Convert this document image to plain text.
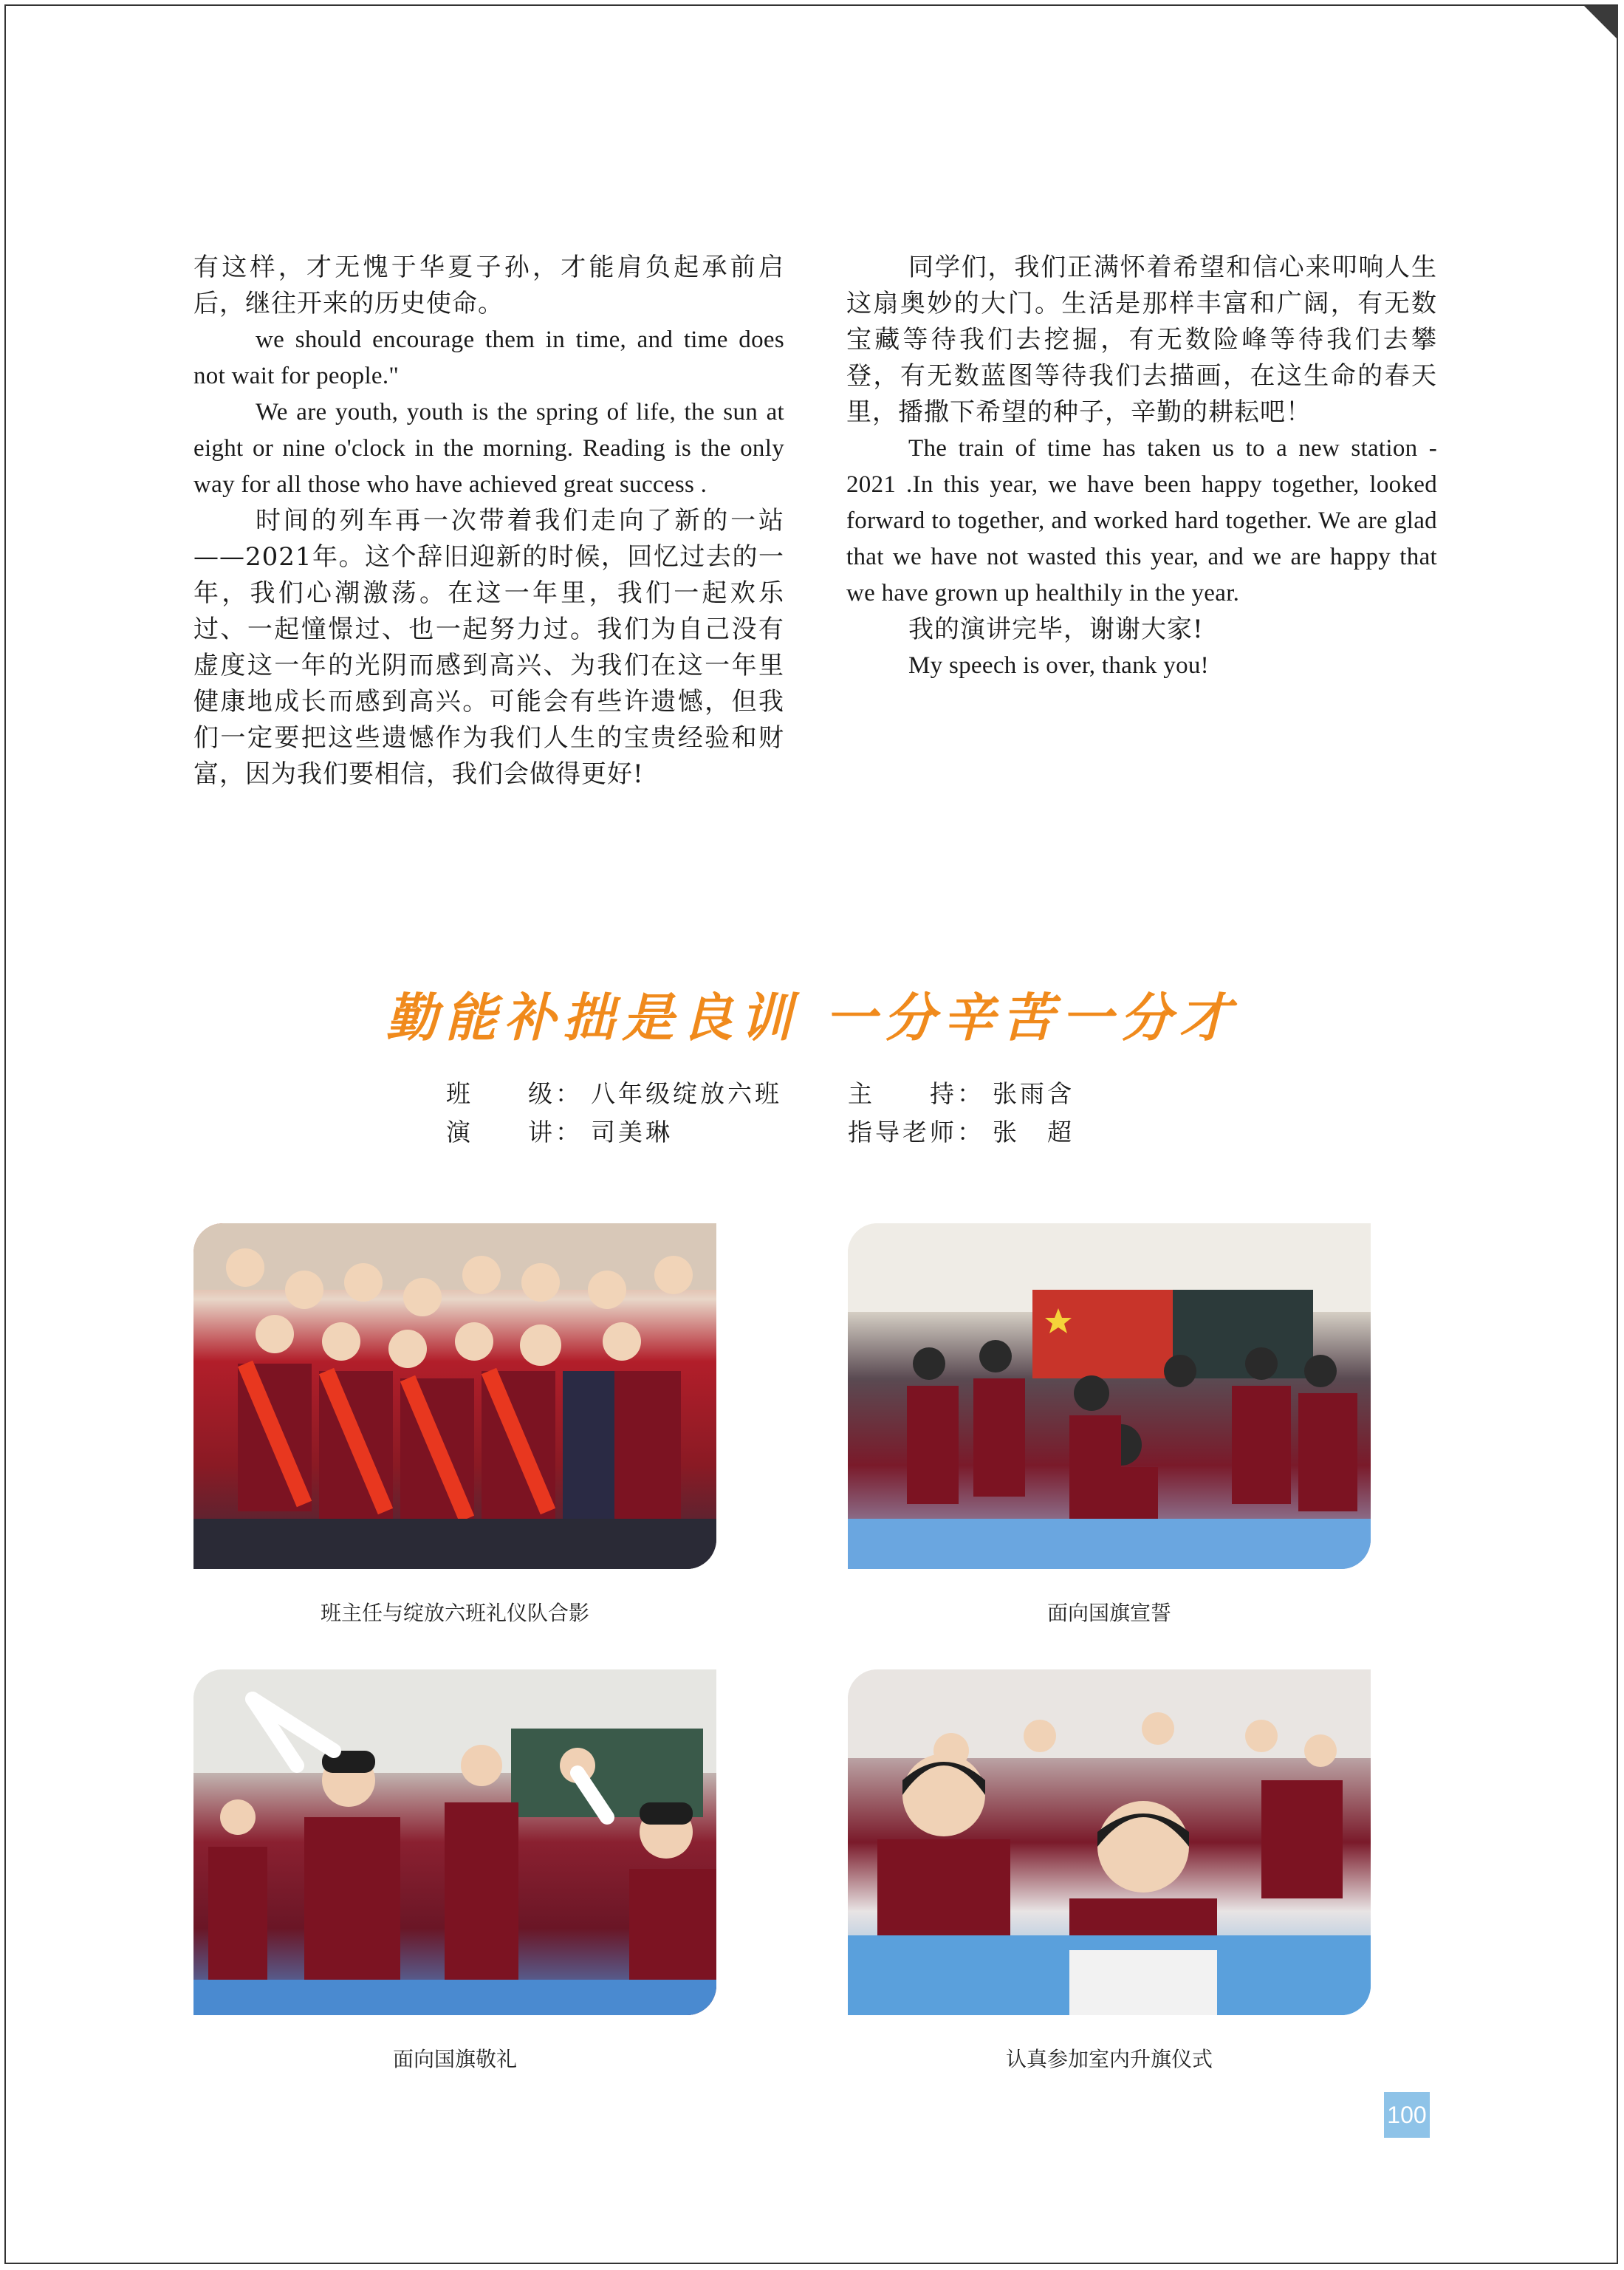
有这样，才无愧于华夏子孙，才能肩负起承前启后，继往开来的历史使命。

we should encourage them in time, and time does not wait for people."

We are youth, youth is the spring of life, the sun at eight or nine o'clock in the morning. Reading is the only way for all those who have achieved great success .

时间的列车再一次带着我们走向了新的一站——2021年。这个辞旧迎新的时候，回忆过去的一年，我们心潮激荡。在这一年里，我们一起欢乐过、一起憧憬过、也一起努力过。我们为自己没有虚度这一年的光阴而感到高兴、为我们在这一年里健康地成长而感到高兴。可能会有些许遗憾，但我们一定要把这些遗憾作为我们人生的宝贵经验和财富，因为我们要相信，我们会做得更好!

同学们，我们正满怀着希望和信心来叩响人生这扇奥妙的大门。生活是那样丰富和广阔，有无数宝藏等待我们去挖掘，有无数险峰等待我们去攀登，有无数蓝图等待我们去描画，在这生命的春天里，播撒下希望的种子，辛勤的耕耘吧！

The train of time has taken us to a new station - 2021 .In this year, we have been happy together, looked forward to together, and worked hard together. We are glad that we have not wasted this year, and we are happy that we have grown up healthily in the year.

我的演讲完毕，谢谢大家!

My speech is over, thank you!

勤能补拙是良训 一分辛苦一分才
班　　级： 八年级绽放六班
演　　讲： 司美琳
主　　持： 张雨含
指导老师： 张　超
班主任与绽放六班礼仪队合影	面向国旗宣誓
面向国旗敬礼	认真参加室内升旗仪式
100
